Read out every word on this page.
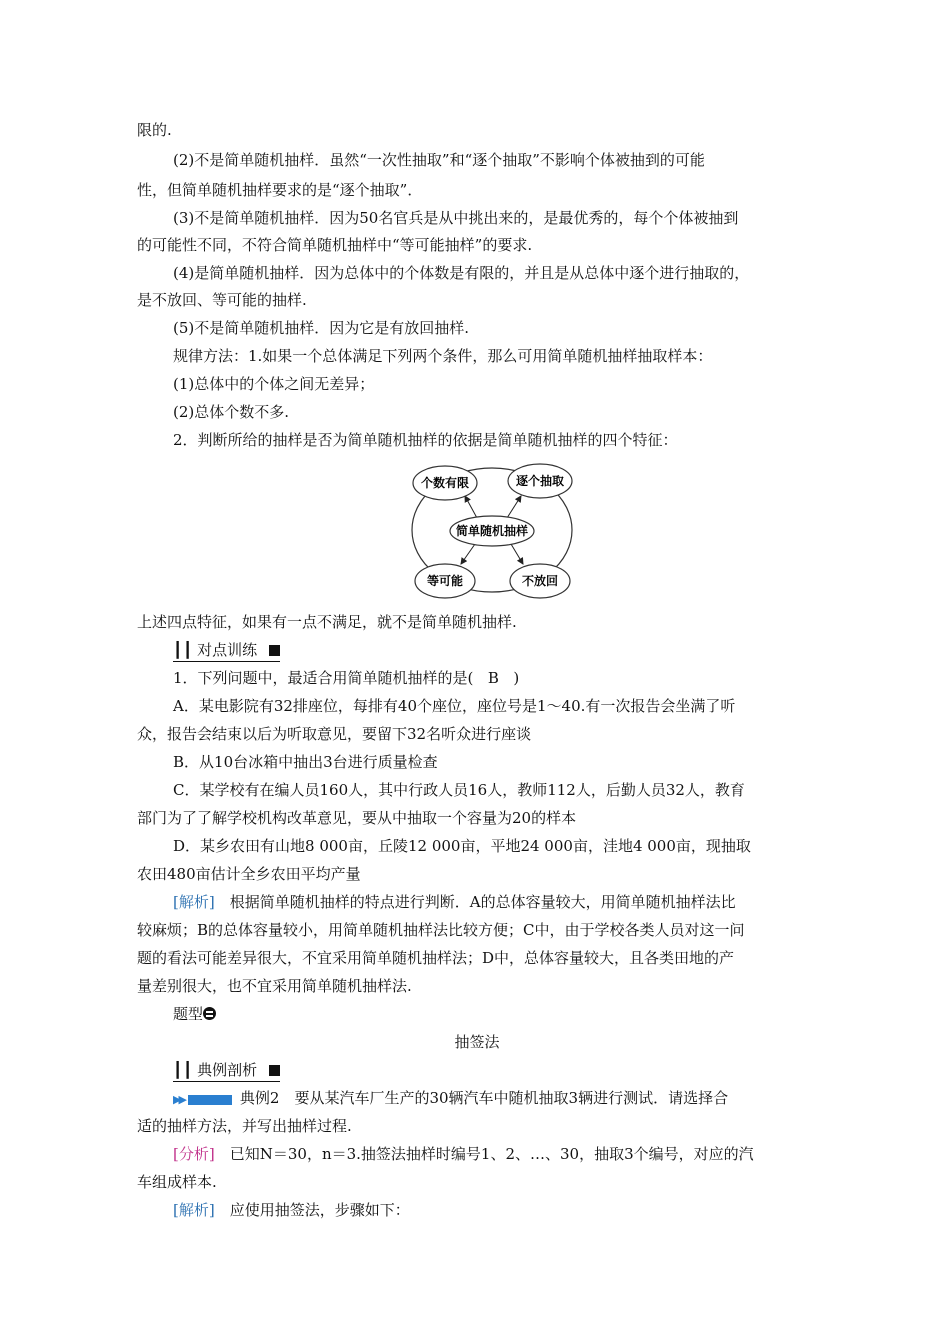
限的.
(2)不是简单随机抽样．虽然“一次性抽取”和“逐个抽取”不影响个体被抽到的可能
性，但简单随机抽样要求的是“逐个抽取”．
(3)不是简单随机抽样．因为50名官兵是从中挑出来的，是最优秀的，每个个体被抽到
的可能性不同，不符合简单随机抽样中“等可能抽样”的要求.
(4)是简单随机抽样．因为总体中的个体数是有限的，并且是从总体中逐个进行抽取的，
是不放回、等可能的抽样.
(5)不是简单随机抽样．因为它是有放回抽样.
规律方法：1.如果一个总体满足下列两个条件，那么可用简单随机抽样抽取样本：
(1)总体中的个体之间无差异；
(2)总体个数不多.
2．判断所给的抽样是否为简单随机抽样的依据是简单随机抽样的四个特征：
简单随机抽样
个数有限	逐个抽取
等可能	不放回
上述四点特征，如果有一点不满足，就不是简单随机抽样.
┃┃ 对点训练
1．下列问题中，最适合用简单随机抽样的是( B )
A．某电影院有32排座位，每排有40个座位，座位号是1～40.有一次报告会坐满了听
众，报告会结束以后为听取意见，要留下32名听众进行座谈
B．从10台冰箱中抽出3台进行质量检查
C．某学校有在编人员160人，其中行政人员16人，教师112人，后勤人员32人，教育
部门为了了解学校机构改革意见，要从中抽取一个容量为20的样本
D．某乡农田有山地8 000亩，丘陵12 000亩，平地24 000亩，洼地4 000亩，现抽取
农田480亩估计全乡农田平均产量
[解析]　 根据简单随机抽样的特点进行判断．A的总体容量较大，用简单随机抽样法比
较麻烦；B的总体容量较小，用简单随机抽样法比较方便；C中，由于学校各类人员对这一问
题的看法可能差异很大，不宜采用简单随机抽样法；D中，总体容量较大，且各类田地的产
量差别很大，也不宜采用简单随机抽样法.
题型
抽签法
┃┃ 典例剖析
▶▶	典例2　要从某汽车厂生产的30辆汽车中随机抽取3辆进行测试．请选择合
适的抽样方法，并写出抽样过程.
[分析]　 已知N＝30，n＝3.抽签法抽样时编号1、2、…、30，抽取3个编号，对应的汽
车组成样本.
[解析]　 应使用抽签法，步骤如下：
